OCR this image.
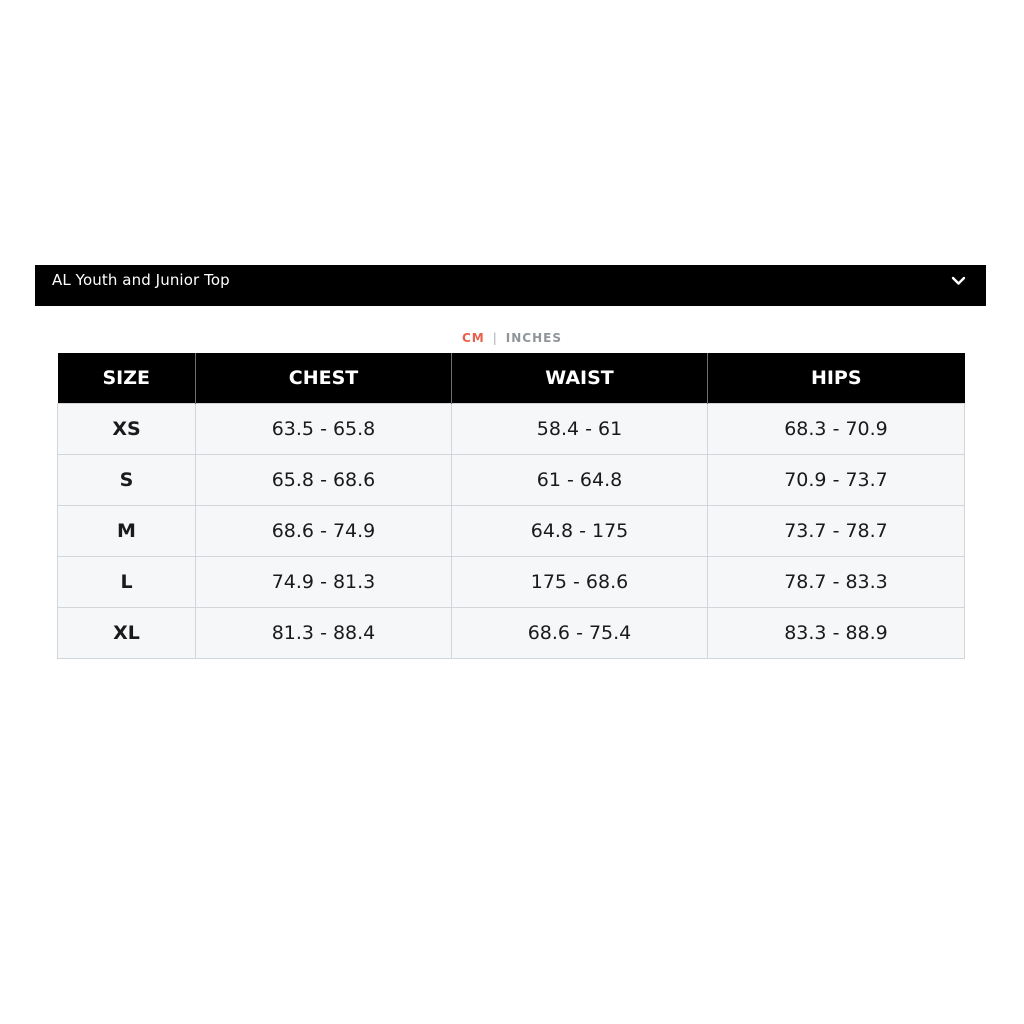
AL Youth and Junior Top
CM | INCHES
SIZE	CHEST	WAIST	HIPS
XS	63.5 - 65.8	58.4 - 61	68.3 - 70.9
S	65.8 - 68.6	61 - 64.8	70.9 - 73.7
M	68.6 - 74.9	64.8 - 175	73.7 - 78.7
L	74.9 - 81.3	175 - 68.6	78.7 - 83.3
XL	81.3 - 88.4	68.6 - 75.4	83.3 - 88.9
